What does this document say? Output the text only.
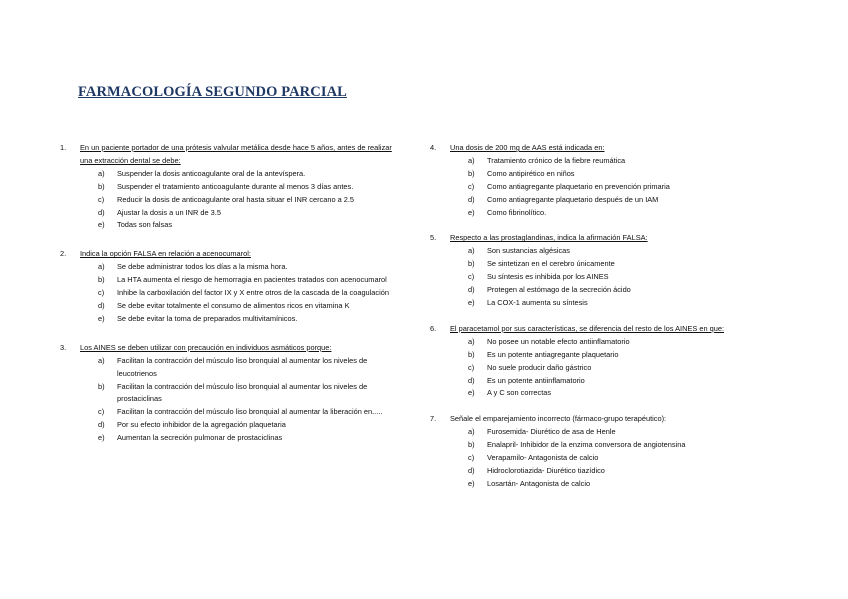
FARMACOLOGÍA SEGUNDO PARCIAL
1. En un paciente portador de una prótesis valvular metálica desde hace 5 años, antes de realizar una extracción dental se debe:
a) Suspender la dosis anticoagulante oral de la antevíspera.
b) Suspender el tratamiento anticoagulante durante al menos 3 días antes.
c) Reducir la dosis de anticoagulante oral hasta situar el INR cercano a 2.5
d) Ajustar la dosis a un INR de 3.5
e) Todas son falsas
2. Indica la opción FALSA en relación a acenocumarol:
a) Se debe administrar todos los días a la misma hora.
b) La HTA aumenta el riesgo de hemorragia en pacientes tratados con acenocumarol
c) Inhibe la carboxilación del factor IX y X entre otros de la cascada de la coagulación
d) Se debe evitar totalmente el consumo de alimentos ricos en vitamina K
e) Se debe evitar la toma de preparados multivitamínicos.
3. Los AINES se deben utilizar con precaución en individuos asmáticos porque:
a) Facilitan la contracción del músculo liso bronquial al aumentar los niveles de leucotrienos
b) Facilitan la contracción del músculo liso bronquial al aumentar los niveles de prostaciclinas
c) Facilitan la contracción del músculo liso bronquial al aumentar la liberación en.....
d) Por su efecto inhibidor de la agregación plaquetaria
e) Aumentan la secreción pulmonar de prostaciclinas
4. Una dosis de 200 mg de AAS está indicada en:
a) Tratamiento crónico de la fiebre reumática
b) Como antipirético en niños
c) Como antiagregante plaquetario en prevención primaria
d) Como antiagregante plaquetario después de un IAM
e) Como fibrinolítico.
5. Respecto a las prostaglandinas, indica la afirmación FALSA:
a) Son sustancias algésicas
b) Se sintetizan en el cerebro únicamente
c) Su síntesis es inhibida por los AINES
d) Protegen al estómago de la secreción ácido
e) La COX-1 aumenta su síntesis
6. El paracetamol por sus características, se diferencia del resto de los AINES en que:
a) No posee un notable efecto antiinflamatorio
b) Es un potente antiagregante plaquetario
c) No suele producir daño gástrico
d) Es un potente antiinflamatorio
e) A y C son correctas
7. Señale el emparejamiento incorrecto (fármaco-grupo terapéutico):
a) Furosemida- Diurético de asa de Henle
b) Enalapril- Inhibidor de la enzima conversora de angiotensina
c) Verapamilo- Antagonista de calcio
d) Hidroclorotiazida- Diurético tiazídico
e) Losartán- Antagonista de calcio
